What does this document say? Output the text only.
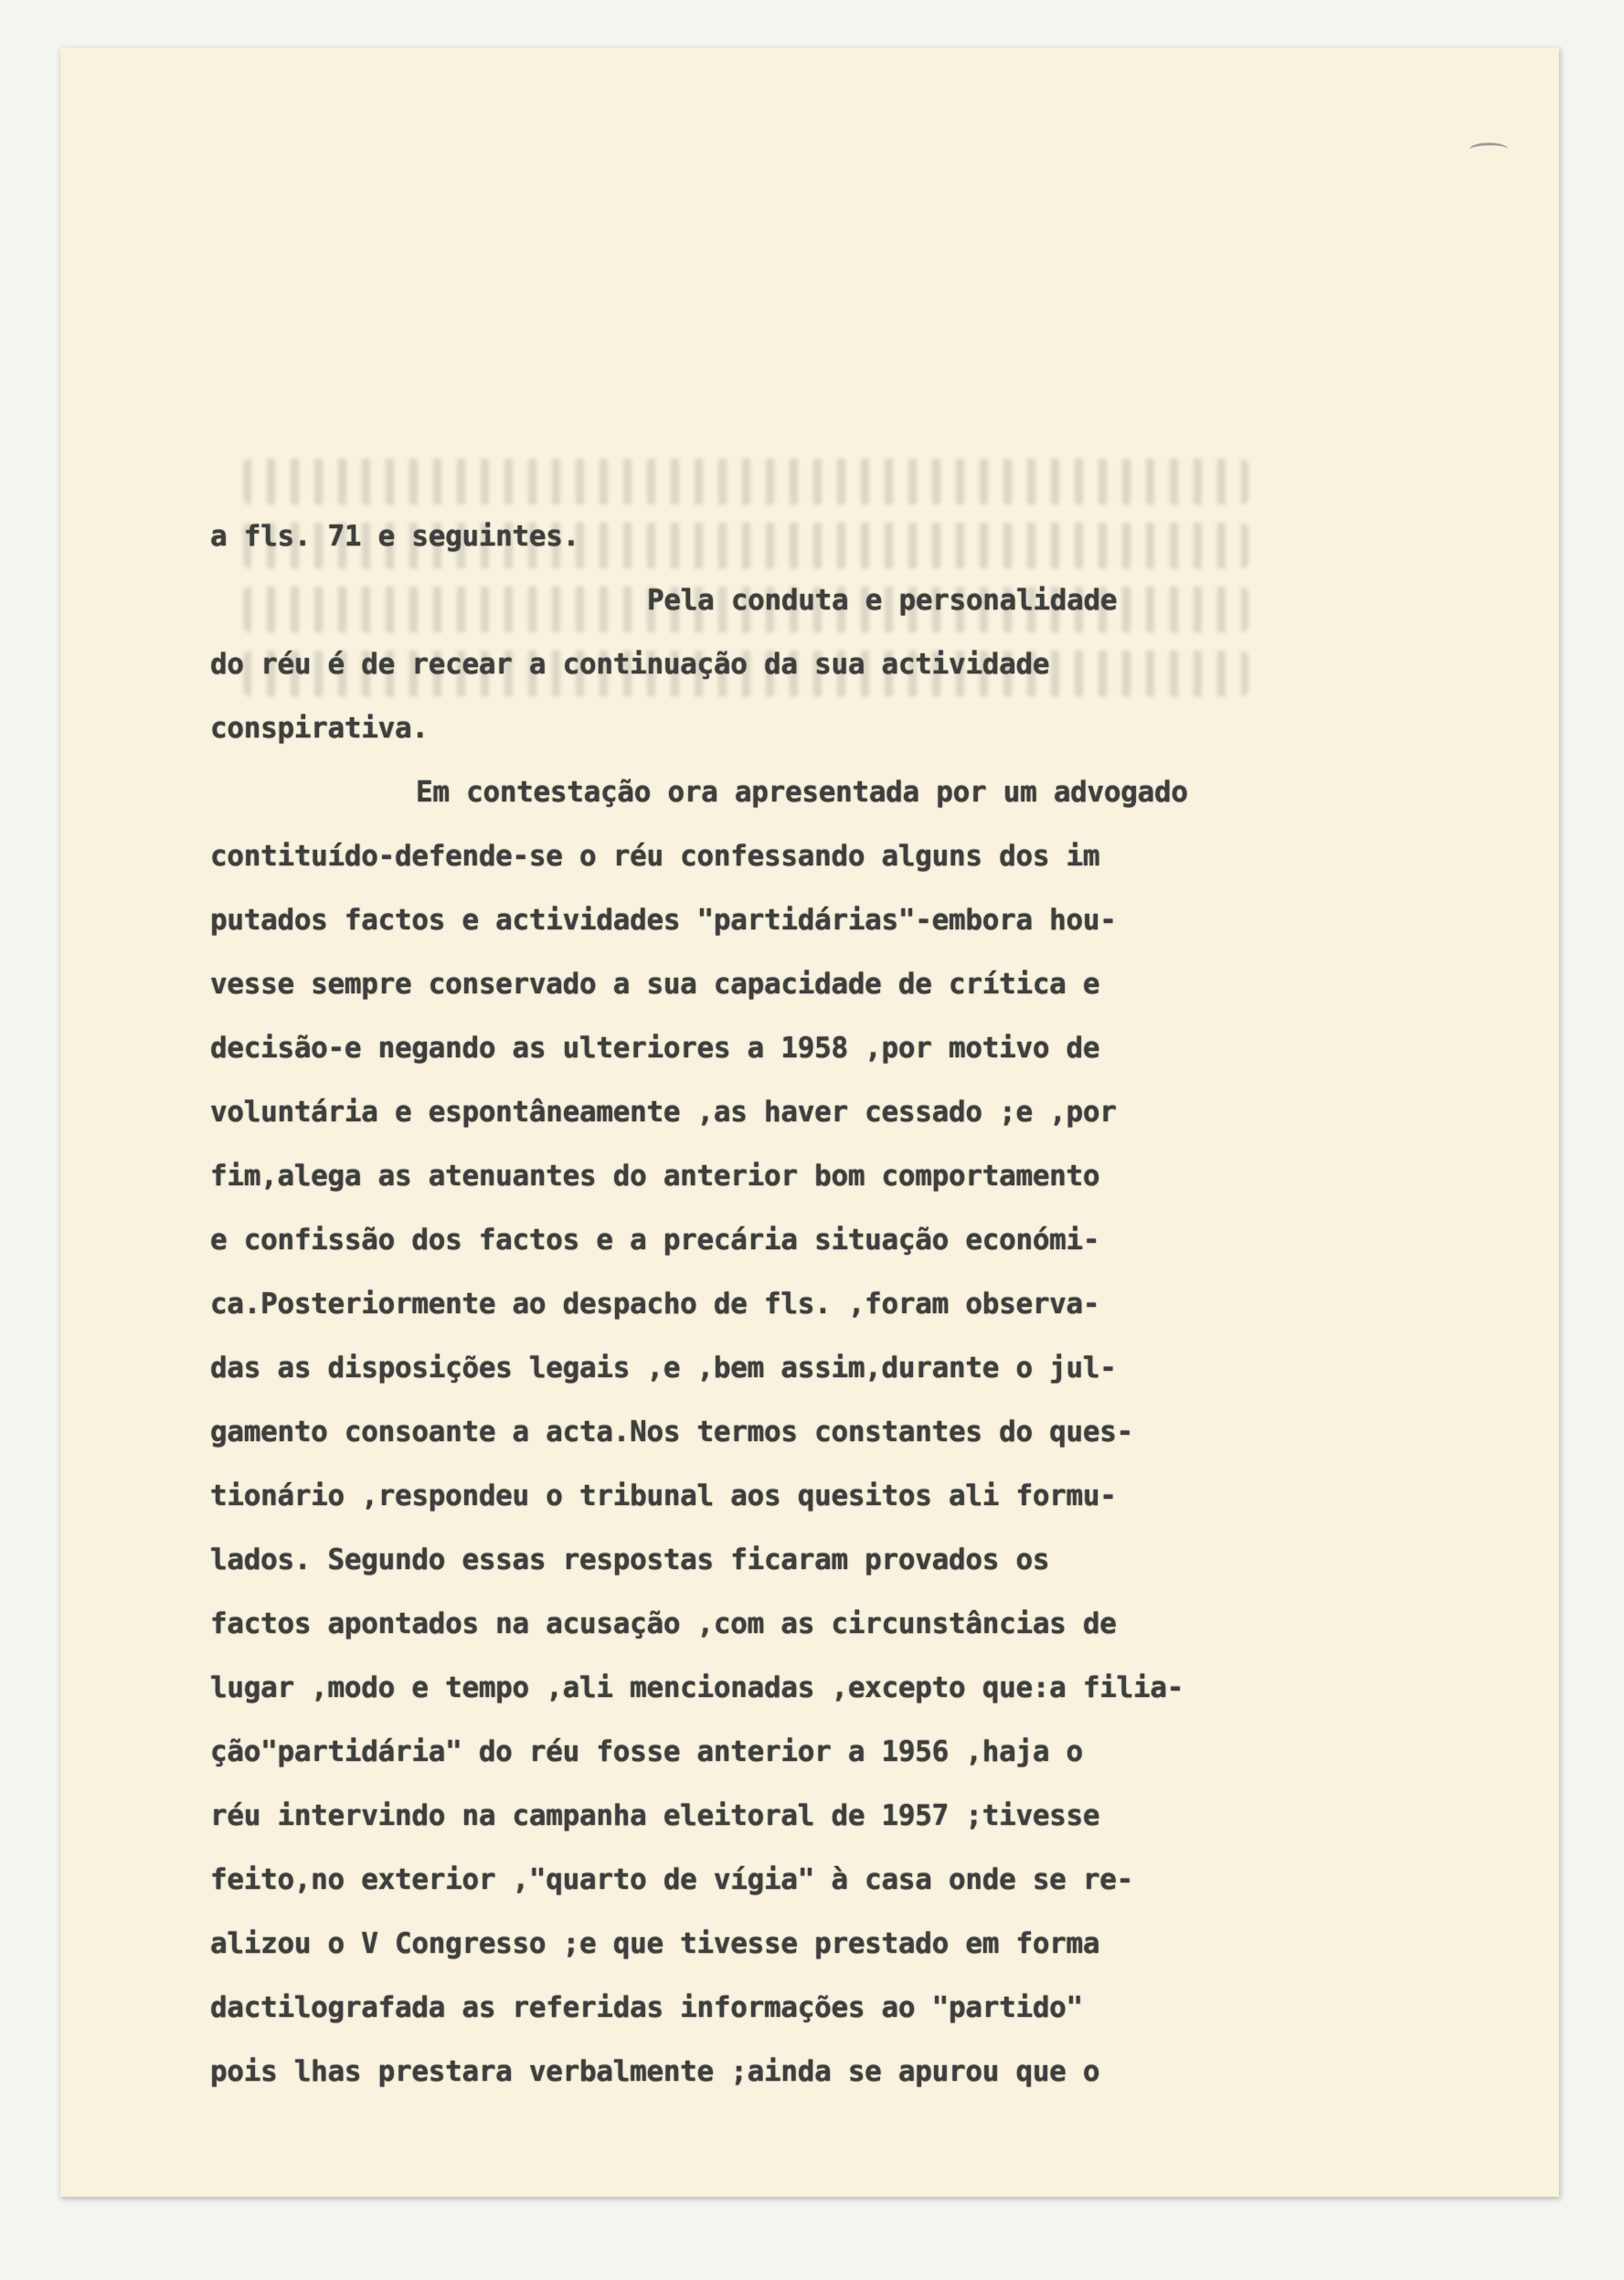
a fls. 71 e seguintes.
Pela conduta e personalidade
do réu é de recear a continuação da sua actividade
conspirativa.
Em contestação ora apresentada por um advogado
contituído-defende-se o réu confessando alguns dos im
putados factos e actividades "partidárias"-embora hou-
vesse sempre conservado a sua capacidade de crítica e
decisão-e negando as ulteriores a 1958 ,por motivo de
voluntária e espontâneamente ,as haver cessado ;e ,por
fim,alega as atenuantes do anterior bom comportamento
e confissão dos factos e a precária situação económi-
ca.Posteriormente ao despacho de fls. ,foram observa-
das as disposições legais ,e ,bem assim,durante o jul-
gamento consoante a acta.Nos termos constantes do ques-
tionário ,respondeu o tribunal aos quesitos ali formu-
lados. Segundo essas respostas ficaram provados os
factos apontados na acusação ,com as circunstâncias de
lugar ,modo e tempo ,ali mencionadas ,excepto que:a filia-
ção"partidária" do réu fosse anterior a 1956 ,haja o
réu intervindo na campanha eleitoral de 1957 ;tivesse
feito,no exterior ,"quarto de vígia" à casa onde se re-
alizou o V Congresso ;e que tivesse prestado em forma
dactilografada as referidas informações ao "partido"
pois lhas prestara verbalmente ;ainda se apurou que o
